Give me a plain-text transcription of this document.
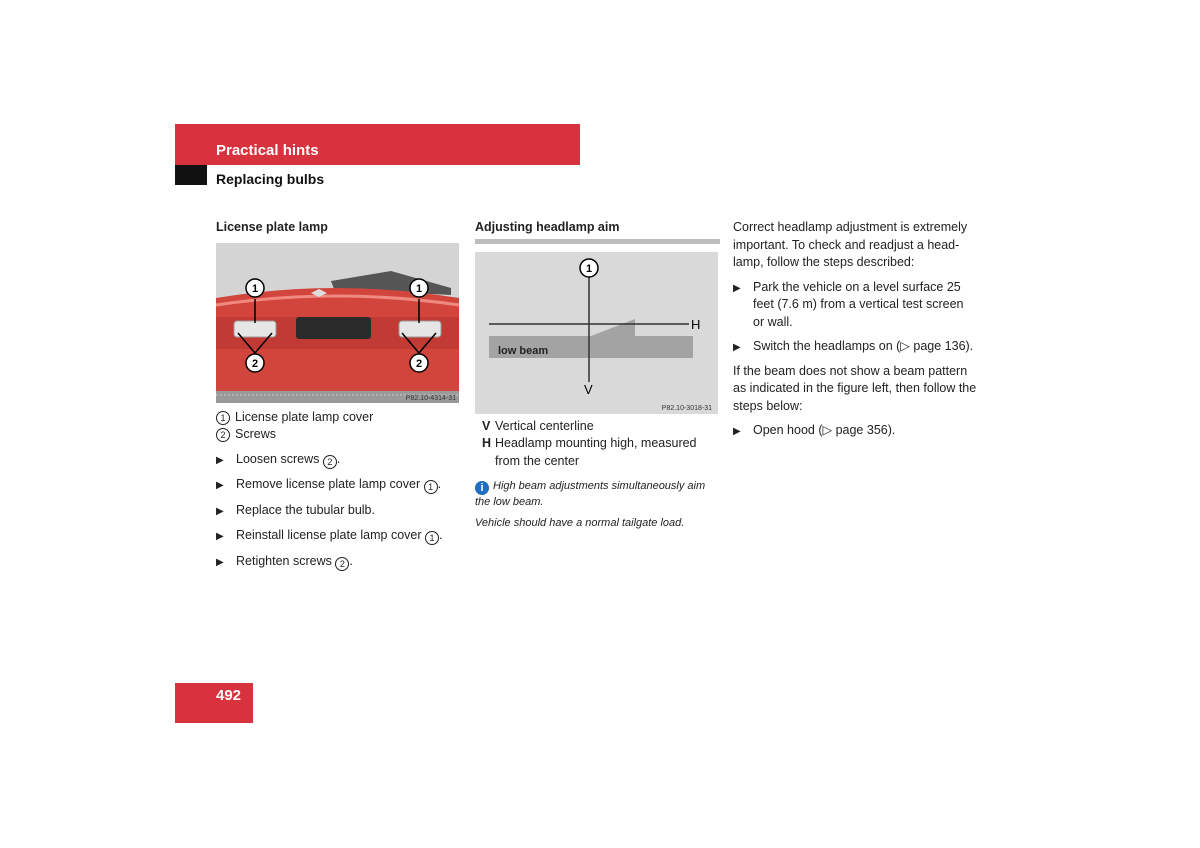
Practical hints
Replacing bulbs
License plate lamp
1	1
2	2
P82.10-4314-31
1 License plate lamp cover
2 Screws
▶ Loosen screws 2 .
▶ Remove license plate lamp cover 1 .
▶ Replace the tubular bulb.
▶ Reinstall license plate lamp cover 1 .
▶ Retighten screws 2 .
Adjusting headlamp aim
1
H
V
low beam
P82.10-3018-31
V Vertical centerline
H Headlamp mounting high, measured from the center
i High beam adjustments simultaneously aim the low beam.
Vehicle should have a normal tailgate load.
Correct headlamp adjustment is extremely important. To check and readjust a head-lamp, follow the steps described:
▶ Park the vehicle on a level surface 25 feet (7.6 m) from a vertical test screen or wall.
▶ Switch the headlamps on (▷ page 136).
If the beam does not show a beam pattern as indicated in the figure left, then follow the steps below:
▶ Open hood (▷ page 356).
492
